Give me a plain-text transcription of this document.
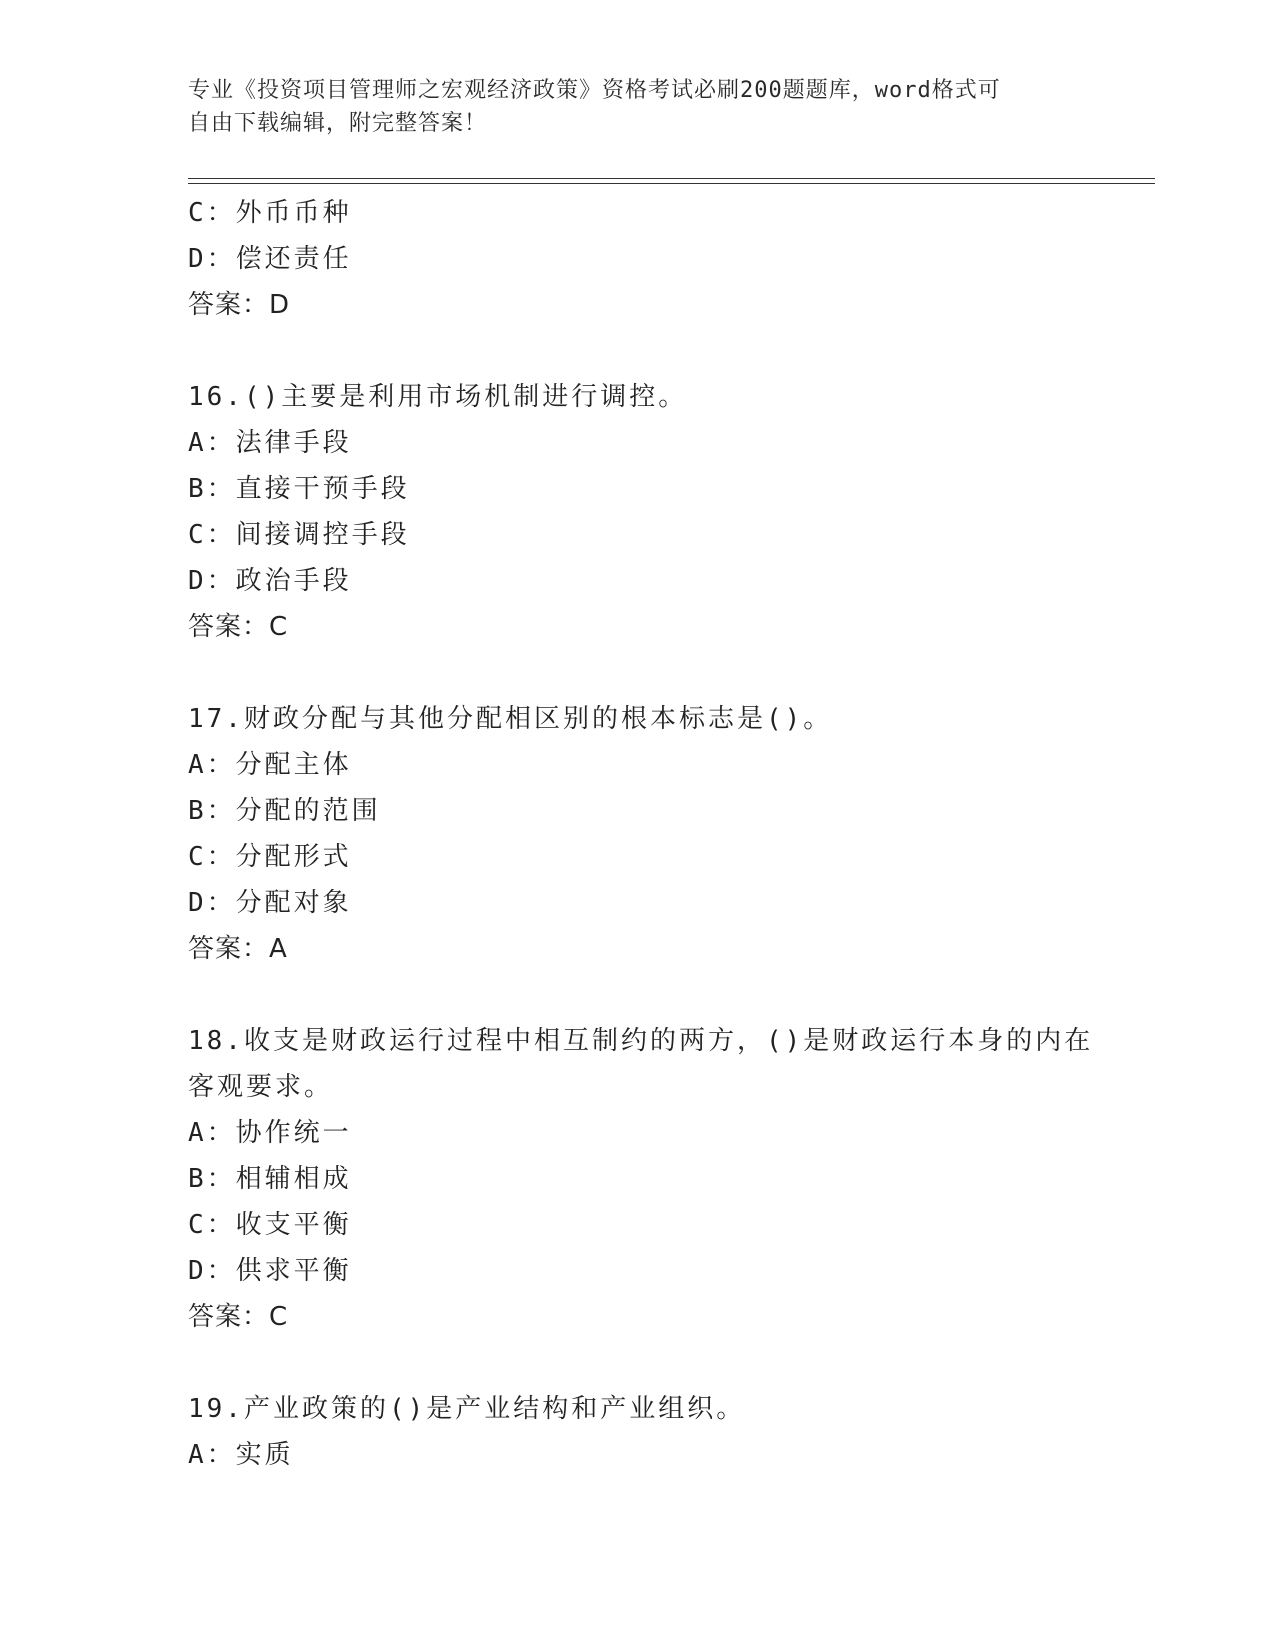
专业《投资项目管理师之宏观经济政策》资格考试必刷200题题库，word格式可
自由下载编辑，附完整答案！
C：外币币种
D：偿还责任
答案：D
16.()主要是利用市场机制进行调控。
A：法律手段
B：直接干预手段
C：间接调控手段
D：政治手段
答案：C
17.财政分配与其他分配相区别的根本标志是()。
A：分配主体
B：分配的范围
C：分配形式
D：分配对象
答案：A
18.收支是财政运行过程中相互制约的两方，()是财政运行本身的内在
客观要求。
A：协作统一
B：相辅相成
C：收支平衡
D：供求平衡
答案：C
19.产业政策的()是产业结构和产业组织。
A：实质
